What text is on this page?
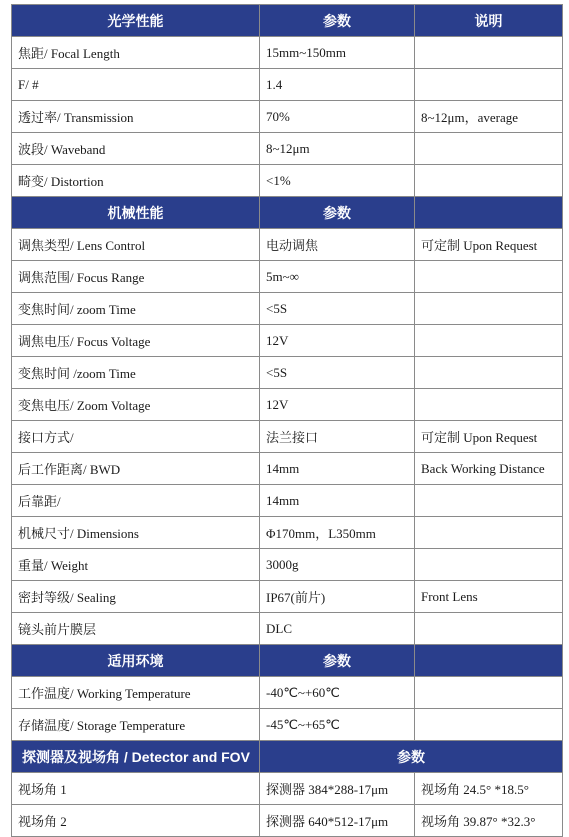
光学性能	参数	说明
焦距/ Focal Length	15mm~150mm	
F/ #	1.4	
透过率/ Transmission	70%	8~12μm，average
波段/ Waveband	8~12μm	
畸变/ Distortion	<1%	
机械性能	参数	
调焦类型/ Lens Control	电动调焦	可定制 Upon Request
调焦范围/ Focus Range	5m~∞	
变焦时间/ zoom Time	<5S	
调焦电压/ Focus Voltage	12V	
变焦时间 /zoom Time	<5S	
变焦电压/ Zoom Voltage	12V	
接口方式/	法兰接口	可定制 Upon Request
后工作距离/ BWD	14mm	Back Working Distance
后靠距/	14mm	
机械尺寸/ Dimensions	Φ170mm，L350mm	
重量/ Weight	3000g	
密封等级/ Sealing	IP67(前片)	Front Lens
镜头前片膜层	DLC	
适用环境	参数	
工作温度/ Working Temperature	-40℃~+60℃	
存储温度/ Storage Temperature	-45℃~+65℃	
探测器及视场角 / Detector and FOV	参数	
视场角 1	探测器 384*288-17μm	视场角 24.5° *18.5°
视场角 2	探测器 640*512-17μm	视场角 39.87° *32.3°
